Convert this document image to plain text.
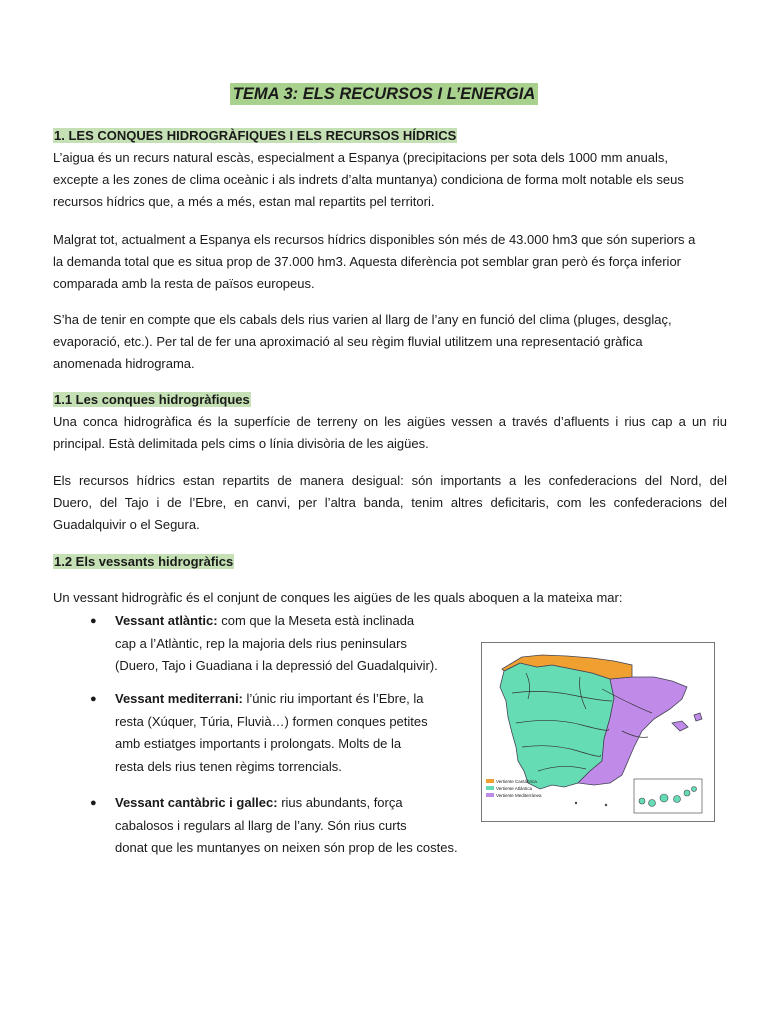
TEMA 3: ELS RECURSOS I L’ENERGIA
1. LES CONQUES HIDROGRÀFIQUES I ELS RECURSOS HÍDRICS
L’aigua és un recurs natural escàs, especialment a Espanya (precipitacions per sota dels 1000 mm anuals,
excepte a les zones de clima oceànic i als indrets d’alta muntanya) condiciona de forma molt notable els seus
recursos hídrics que, a més a més, estan mal repartits pel territori.
Malgrat tot, actualment a Espanya els recursos hídrics disponibles són més de 43.000 hm3 que són superiors a
la demanda total que es situa prop de 37.000 hm3. Aquesta diferència pot semblar gran però és força inferior
comparada amb la resta de països europeus.
S’ha de tenir en compte que els cabals dels rius varien al llarg de l’any en funció del clima (pluges, desglaç,
evaporació, etc.). Per tal de fer una aproximació al seu règim fluvial utilitzem una representació gràfica
anomenada hidrograma.
1.1 Les conques hidrogràfiques
Una conca hidrogràfica és la superfície de terreny on les aigües vessen a través d’afluents i rius cap a un riu
principal. Està delimitada pels cims o línia divisòria de les aigües.
Els recursos hídrics estan repartits de manera desigual: són importants a les confederacions del Nord, del
Duero, del Tajo i de l’Ebre, en canvi, per l’altra banda, tenim altres deficitaris, com les confederacions del
Guadalquivir o el Segura.
1.2 Els vessants hidrogràfics
Un vessant hidrogràfic és el conjunt de conques les aigües de les quals aboquen a la mateixa mar:
● Vessant atlàntic: com que la Meseta està inclinada
cap a l’Atlàntic, rep la majoria dels rius peninsulars
(Duero, Tajo i Guadiana i la depressió del Guadalquivir).
● Vessant mediterrani: l’únic riu important és l’Ebre, la
resta (Xúquer, Túria, Fluvià…) formen conques petites
amb estiatges importants i prolongats. Molts de la
resta dels rius tenen règims torrencials.
● Vessant cantàbric i gallec: rius abundants, força
cabalosos i regulars al llarg de l’any. Són rius curts
donat que les muntanyes on neixen són prop de les costes.
Vertiente Cantábrica
Vertiente Atlántica
Vertiente Mediterránea
